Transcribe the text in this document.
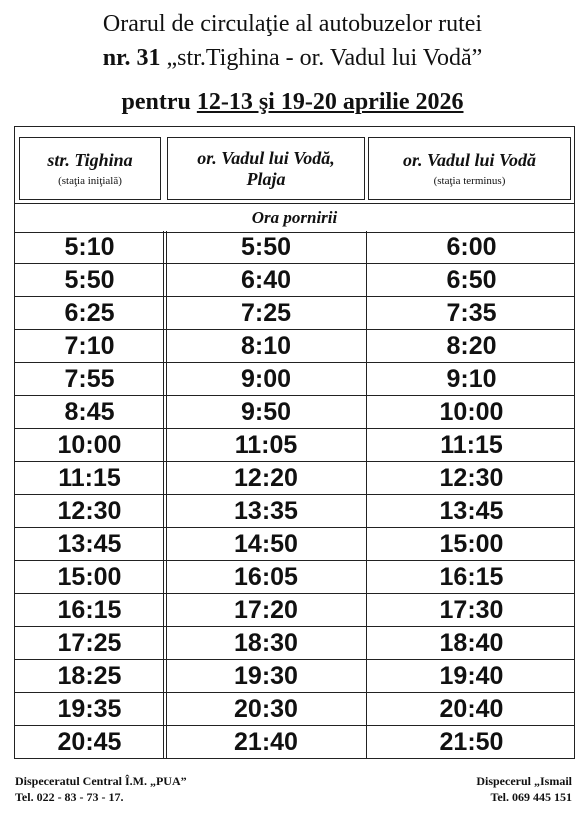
Orarul de circulaţie al autobuzelor rutei
nr. 31 „str.Tighina - or. Vadul lui Vodă”
pentru 12-13 şi 19-20 aprilie 2026
str. Tighina
(staţia iniţială)
or. Vadul lui Vodă,
Plaja
or. Vadul lui Vodă
(staţia terminus)
Ora pornirii
5:10	5:50	6:00
5:50	6:40	6:50
6:25	7:25	7:35
7:10	8:10	8:20
7:55	9:00	9:10
8:45	9:50	10:00
10:00	11:05	11:15
11:15	12:20	12:30
12:30	13:35	13:45
13:45	14:50	15:00
15:00	16:05	16:15
16:15	17:20	17:30
17:25	18:30	18:40
18:25	19:30	19:40
19:35	20:30	20:40
20:45	21:40	21:50
Dispeceratul Central Î.M. „PUA”
Tel. 022 - 83 - 73 - 17.
Dispecerul „Ismail
Tel. 069 445 151
